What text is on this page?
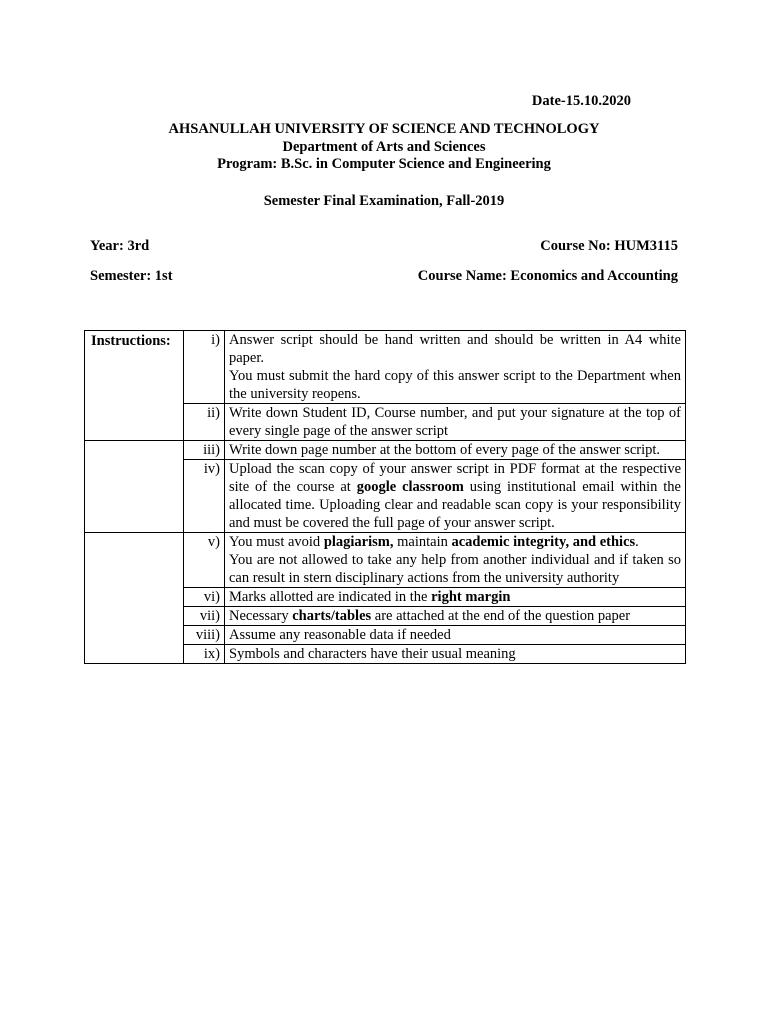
Date-15.10.2020
AHSANULLAH UNIVERSITY OF SCIENCE AND TECHNOLOGY
Department of Arts and Sciences
Program: B.Sc. in Computer Science and Engineering
Semester Final Examination, Fall-2019
Year: 3rd	Course No: HUM3115
Semester: 1st	Course Name: Economics and Accounting
Instructions:	i)	Answer script should be hand written and should be written in A4 white paper.
You must submit the hard copy of this answer script to the Department when the university reopens.

	ii)	Write down Student ID, Course number, and put your signature at the top of every single page of the answer script
	iii)	Write down page number at the bottom of every page of the answer script.
	iv)	Upload the scan copy of your answer script in PDF format at the respective site of the course at google classroom using institutional email within the allocated time. Uploading clear and readable scan copy is your responsibility and must be covered the full page of your answer script.
	v)	You must avoid plagiarism, maintain academic integrity, and ethics.
You are not allowed to take any help from another individual and if taken so can result in stern disciplinary actions from the university authority

	vi)	Marks allotted are indicated in the right margin
	vii)	Necessary charts/tables are attached at the end of the question paper
	viii)	Assume any reasonable data if needed
	ix)	Symbols and characters have their usual meaning
